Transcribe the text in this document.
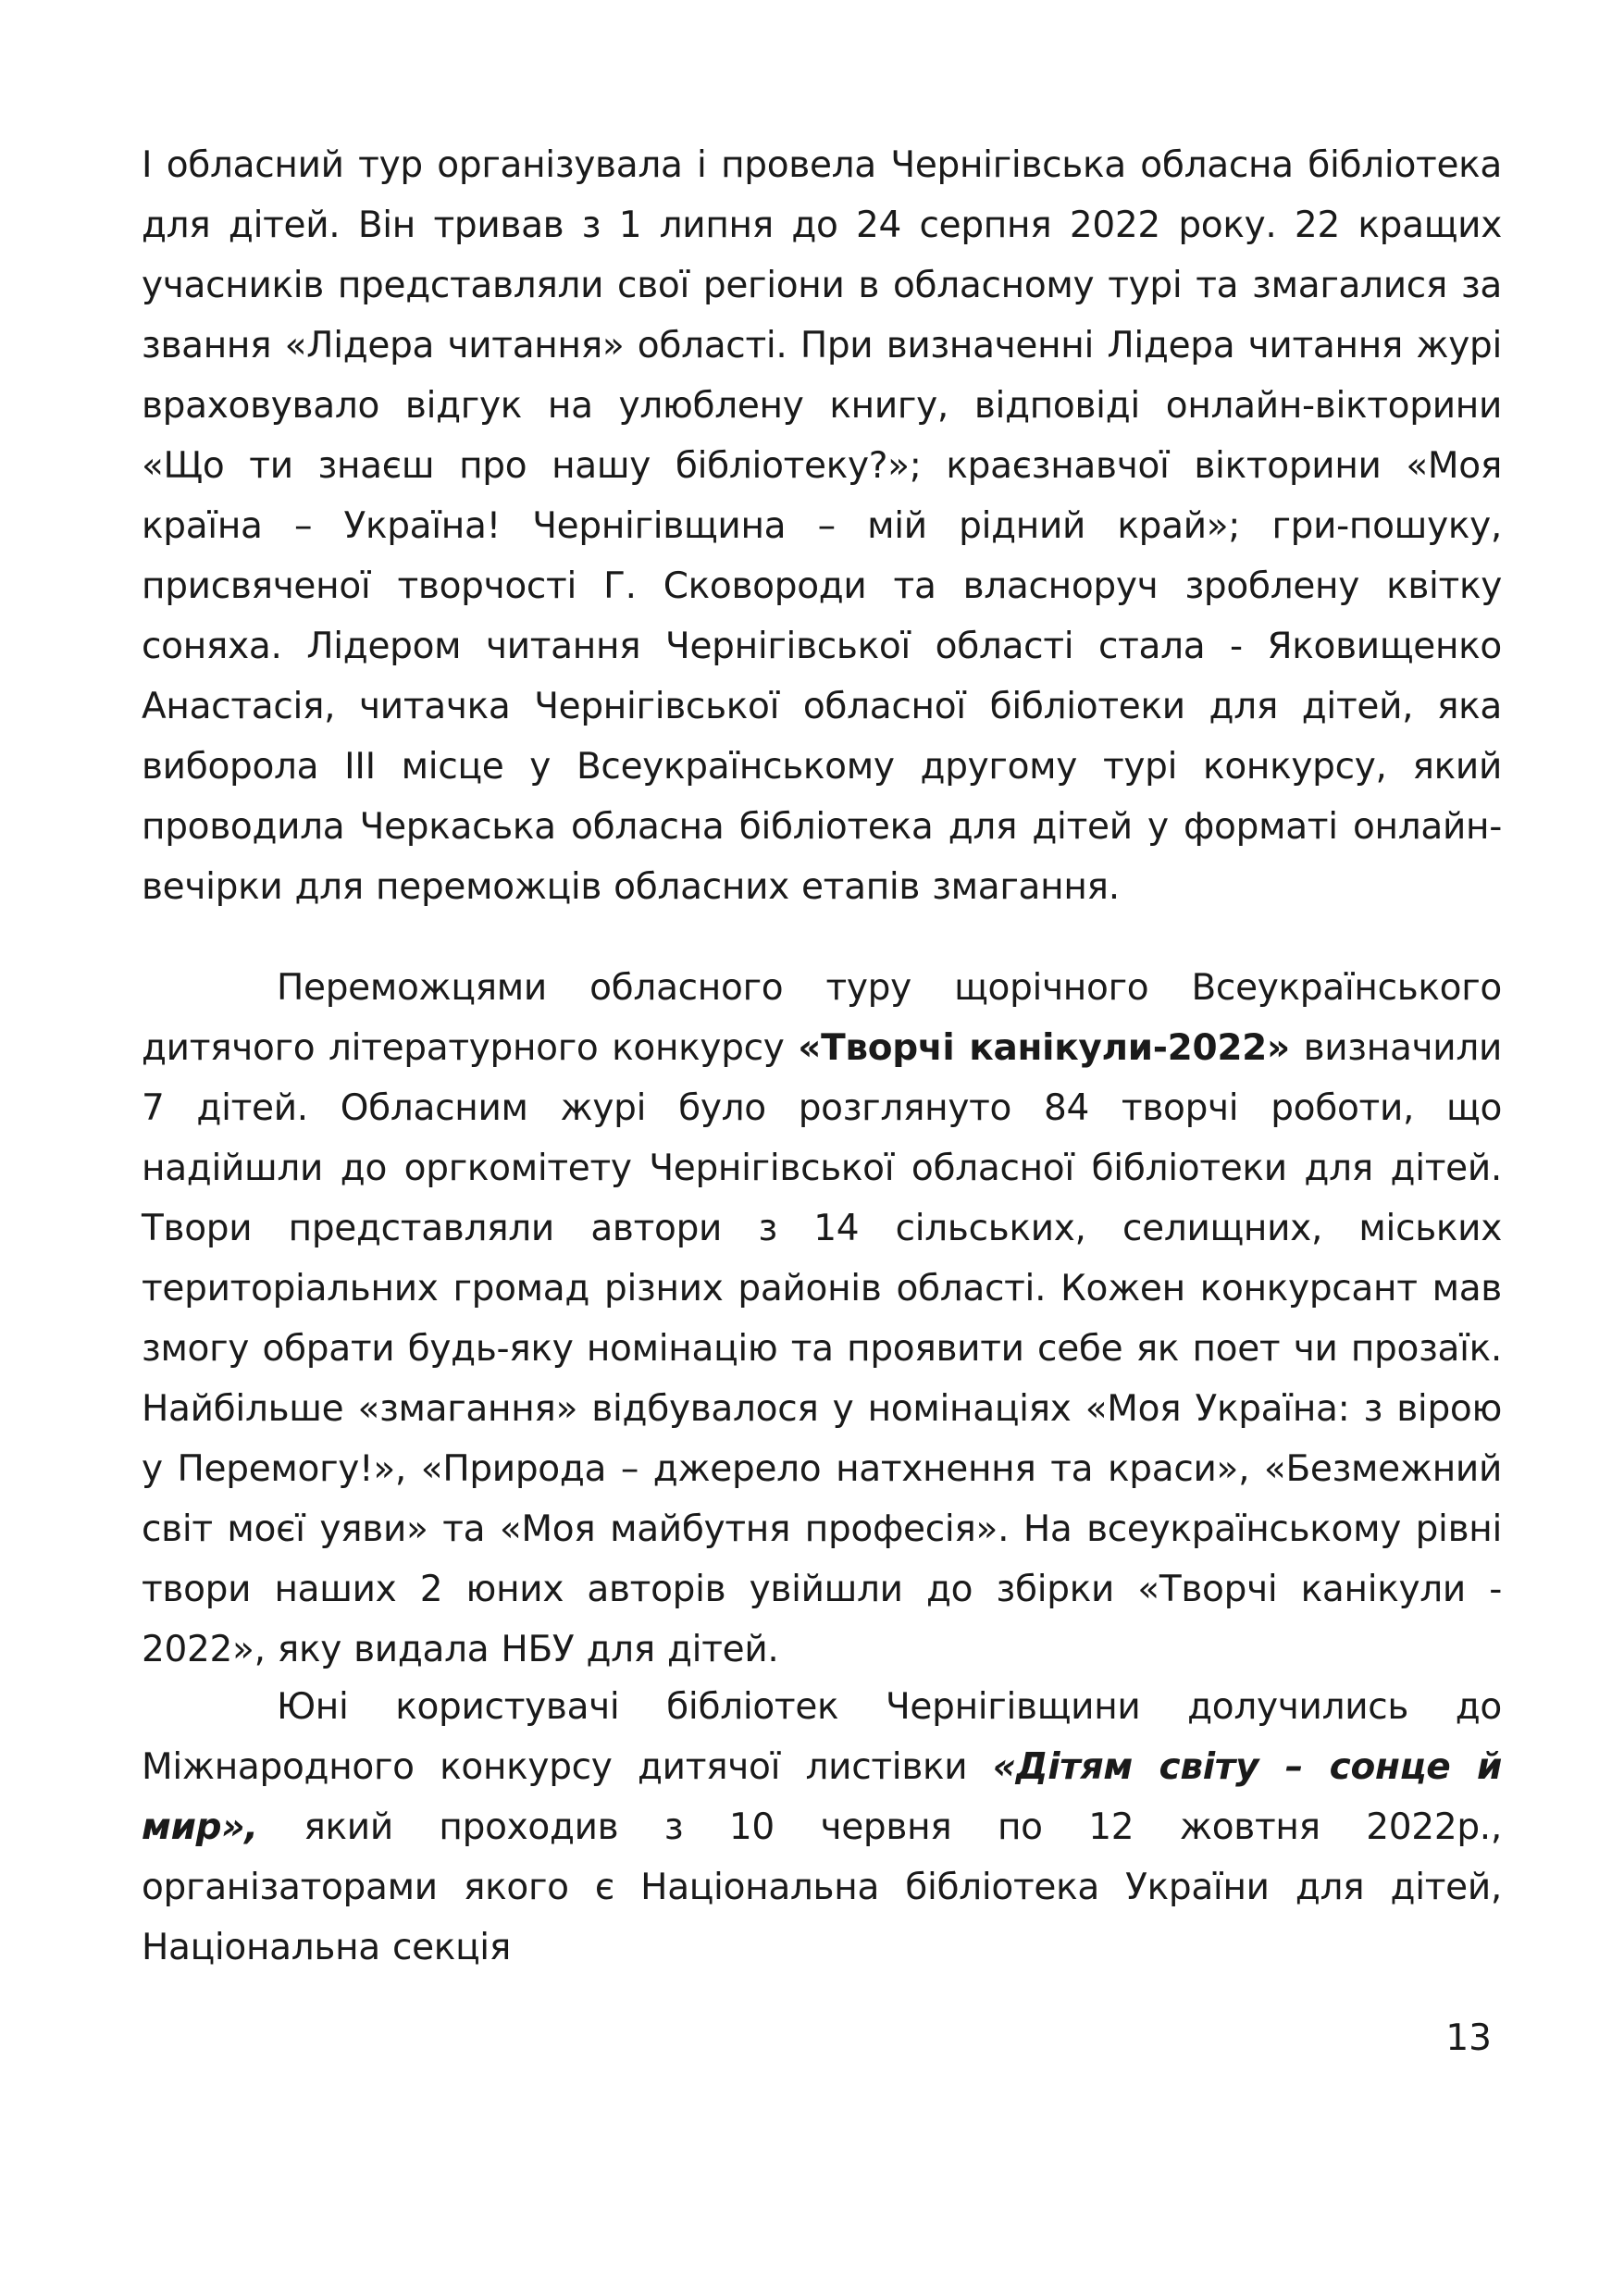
І обласний тур організувала і провела Чернігівська обласна бібліотека для дітей. Він тривав з 1 липня до 24 серпня 2022 року. 22 кращих учасників представляли свої регіони в обласному турі та змагалися за звання «Лідера читання» області. При визначенні Лідера читання журі враховувало відгук на улюблену книгу, відповіді онлайн-вікторини «Що ти знаєш про нашу бібліотеку?»; краєзнавчої вікторини «Моя країна – Україна! Чернігівщина – мій рідний край»; гри-пошуку, присвяченої творчості Г. Сковороди та власноруч зроблену квітку соняха. Лідером читання Чернігівської області стала - Яковищенко Анастасія, читачка Чернігівської обласної бібліотеки для дітей, яка виборола ІІІ місце у Всеукраїнському другому турі конкурсу, який проводила Черкаська обласна бібліотека для дітей у форматі онлайн-вечірки для переможців обласних етапів змагання.

Переможцями обласного туру щорічного Всеукраїнського дитячого літературного конкурсу «Творчі канікули-2022» визначили 7 дітей. Обласним журі було розглянуто 84 творчі роботи, що надійшли до оргкомітету Чернігівської обласної бібліотеки для дітей. Твори представляли автори з 14 сільських, селищних, міських територіальних громад різних районів області. Кожен конкурсант мав змогу обрати будь-яку номінацію та проявити себе як поет чи прозаїк. Найбільше «змагання» відбувалося у номінаціях «Моя Україна: з вірою у Перемогу!», «Природа – джерело натхнення та краси», «Безмежний світ моєї уяви» та «Моя майбутня професія». На всеукраїнському рівні твори наших 2 юних авторів увійшли до збірки «Творчі канікули - 2022», яку видала НБУ для дітей.

Юні користувачі бібліотек Чернігівщини долучились до Міжнародного конкурсу дитячої листівки «Дітям світу – сонце й мир», який проходив з 10 червня по 12 жовтня 2022р., організаторами якого є Національна бібліотека України для дітей, Національна секція

13
